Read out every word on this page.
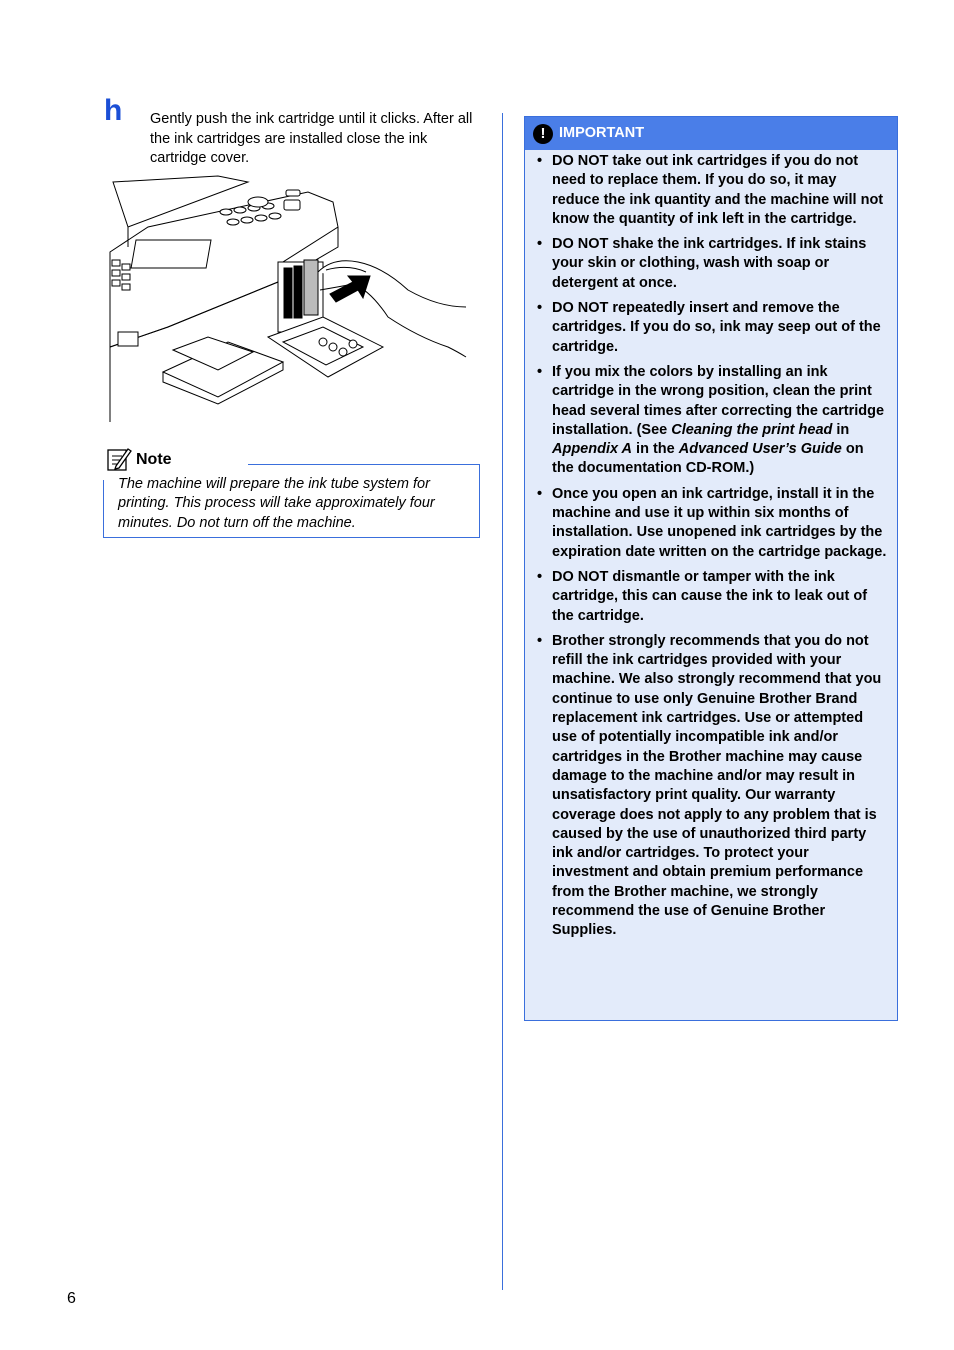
h Gently push the ink cartridge until it clicks. After all the ink cartridges are installed close the ink cartridge cover.
Note
The machine will prepare the ink tube system for printing. This process will take approximately four minutes. Do not turn off the machine.
! IMPORTANT
• DO NOT take out ink cartridges if you do not need to replace them. If you do so, it may reduce the ink quantity and the machine will not know the quantity of ink left in the cartridge.
• DO NOT shake the ink cartridges. If ink stains your skin or clothing, wash with soap or detergent at once.
• DO NOT repeatedly insert and remove the cartridges. If you do so, ink may seep out of the cartridge.
• If you mix the colors by installing an ink cartridge in the wrong position, clean the print head several times after correcting the cartridge installation. (See Cleaning the print head in Appendix A in the Advanced User’s Guide on the documentation CD-ROM.)
• Once you open an ink cartridge, install it in the machine and use it up within six months of installation. Use unopened ink cartridges by the expiration date written on the cartridge package.
• DO NOT dismantle or tamper with the ink cartridge, this can cause the ink to leak out of the cartridge.
• Brother strongly recommends that you do not refill the ink cartridges provided with your machine. We also strongly recommend that you continue to use only Genuine Brother Brand replacement ink cartridges. Use or attempted use of potentially incompatible ink and/or cartridges in the Brother machine may cause damage to the machine and/or may result in unsatisfactory print quality. Our warranty coverage does not apply to any problem that is caused by the use of unauthorized third party ink and/or cartridges. To protect your investment and obtain premium performance from the Brother machine, we strongly recommend the use of Genuine Brother Supplies.
6
